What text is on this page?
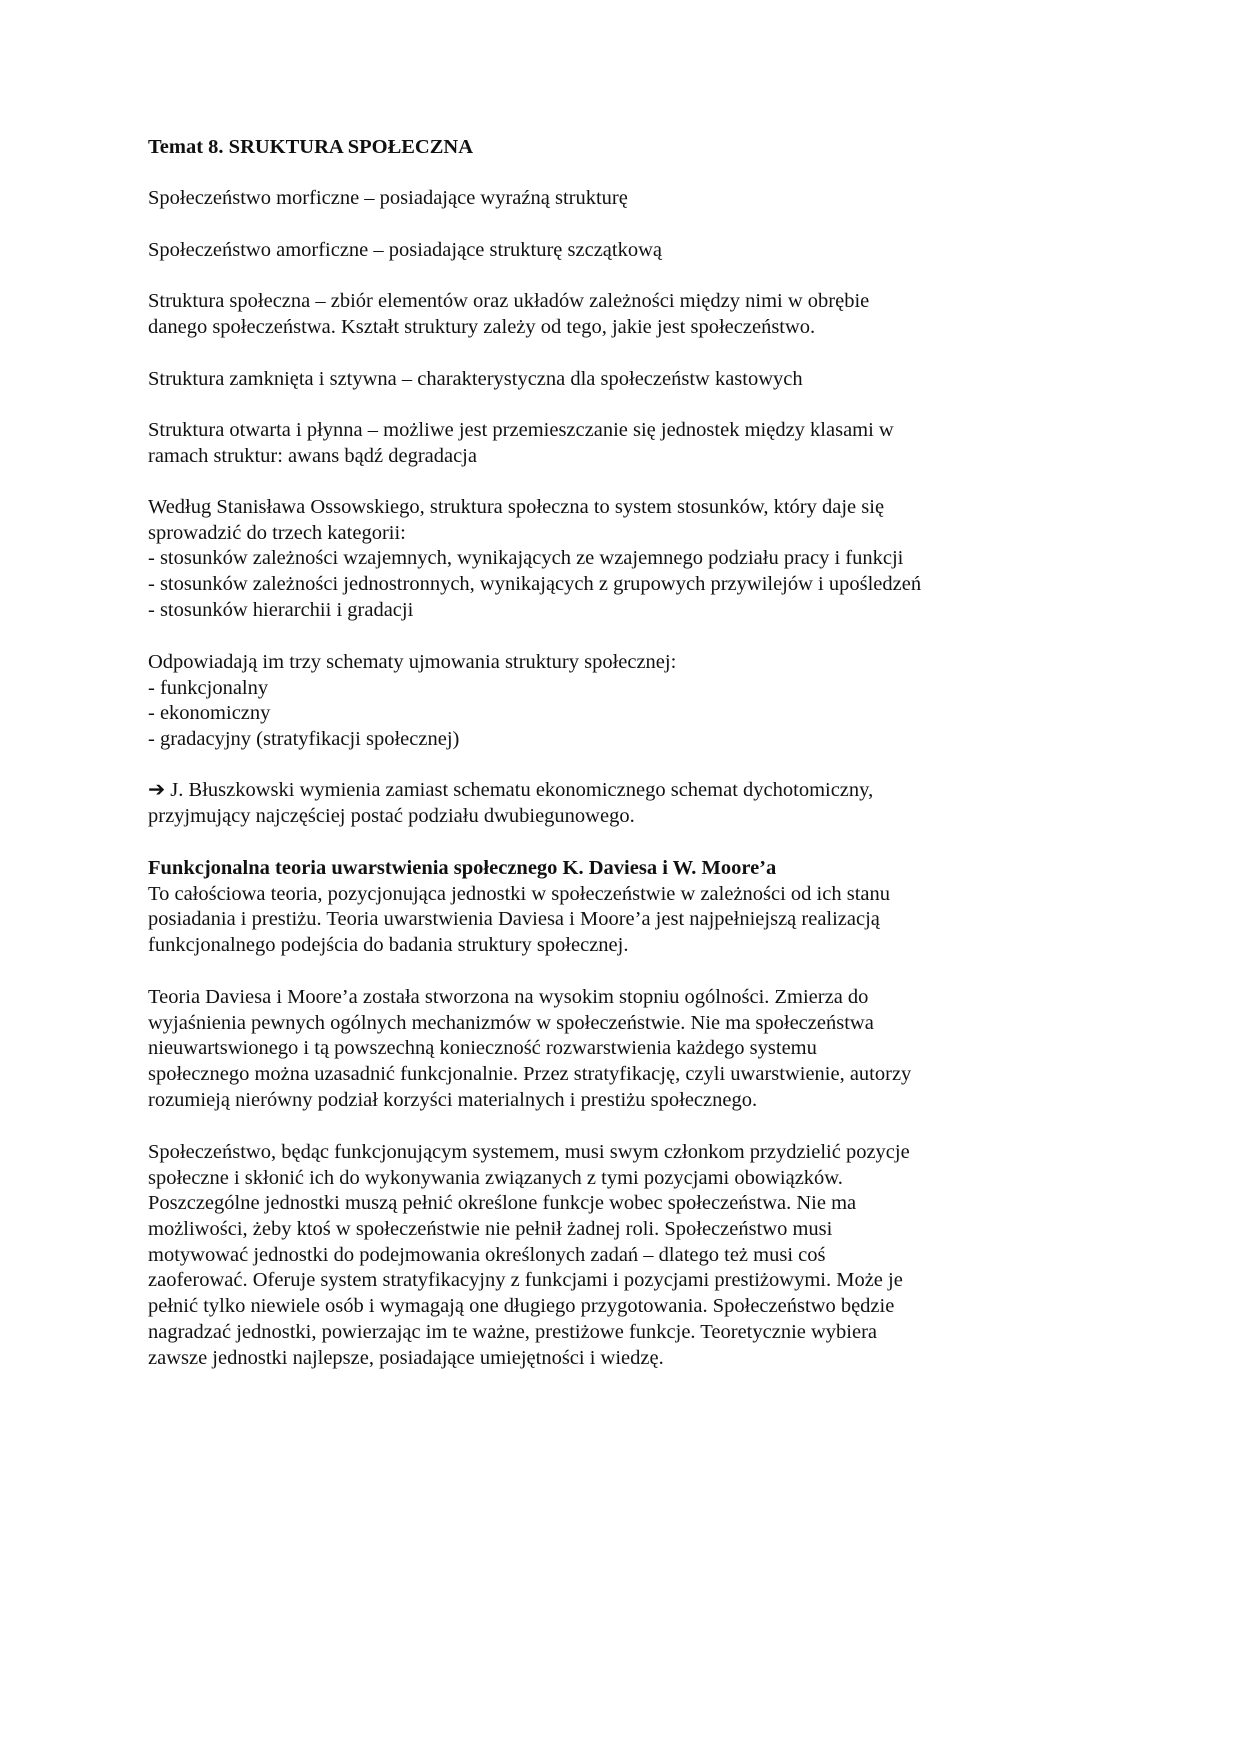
Temat 8. SRUKTURA SPOŁECZNA
Społeczeństwo morficzne – posiadające wyraźną strukturę
Społeczeństwo amorficzne – posiadające strukturę szczątkową
Struktura społeczna – zbiór elementów oraz układów zależności między nimi w obrębie
danego społeczeństwa. Kształt struktury zależy od tego, jakie jest społeczeństwo.
Struktura zamknięta i sztywna – charakterystyczna dla społeczeństw kastowych
Struktura otwarta i płynna – możliwe jest przemieszczanie się jednostek między klasami w
ramach struktur: awans bądź degradacja
Według Stanisława Ossowskiego, struktura społeczna to system stosunków, który daje się
sprowadzić do trzech kategorii:
- stosunków zależności wzajemnych, wynikających ze wzajemnego podziału pracy i funkcji
- stosunków zależności jednostronnych, wynikających z grupowych przywilejów i upośledzeń
- stosunków hierarchii i gradacji
Odpowiadają im trzy schematy ujmowania struktury społecznej:
- funkcjonalny
- ekonomiczny
- gradacyjny (stratyfikacji społecznej)
➔ J. Błuszkowski wymienia zamiast schematu ekonomicznego schemat dychotomiczny,
przyjmujący najczęściej postać podziału dwubiegunowego.
Funkcjonalna teoria uwarstwienia społecznego K. Daviesa i W. Moore’a
To całościowa teoria, pozycjonująca jednostki w społeczeństwie w zależności od ich stanu
posiadania i prestiżu. Teoria uwarstwienia Daviesa i Moore’a jest najpełniejszą realizacją
funkcjonalnego podejścia do badania struktury społecznej.
Teoria Daviesa i Moore’a została stworzona na wysokim stopniu ogólności. Zmierza do
wyjaśnienia pewnych ogólnych mechanizmów w społeczeństwie. Nie ma społeczeństwa
nieuwartswionego i tą powszechną konieczność rozwarstwienia każdego systemu
społecznego można uzasadnić funkcjonalnie. Przez stratyfikację, czyli uwarstwienie, autorzy
rozumieją nierówny podział korzyści materialnych i prestiżu społecznego.
Społeczeństwo, będąc funkcjonującym systemem, musi swym członkom przydzielić pozycje
społeczne i skłonić ich do wykonywania związanych z tymi pozycjami obowiązków.
Poszczególne jednostki muszą pełnić określone funkcje wobec społeczeństwa. Nie ma
możliwości, żeby ktoś w społeczeństwie nie pełnił żadnej roli. Społeczeństwo musi
motywować jednostki do podejmowania określonych zadań – dlatego też musi coś
zaoferować. Oferuje system stratyfikacyjny z funkcjami i pozycjami prestiżowymi. Może je
pełnić tylko niewiele osób i wymagają one długiego przygotowania. Społeczeństwo będzie
nagradzać jednostki, powierzając im te ważne, prestiżowe funkcje. Teoretycznie wybiera
zawsze jednostki najlepsze, posiadające umiejętności i wiedzę.
